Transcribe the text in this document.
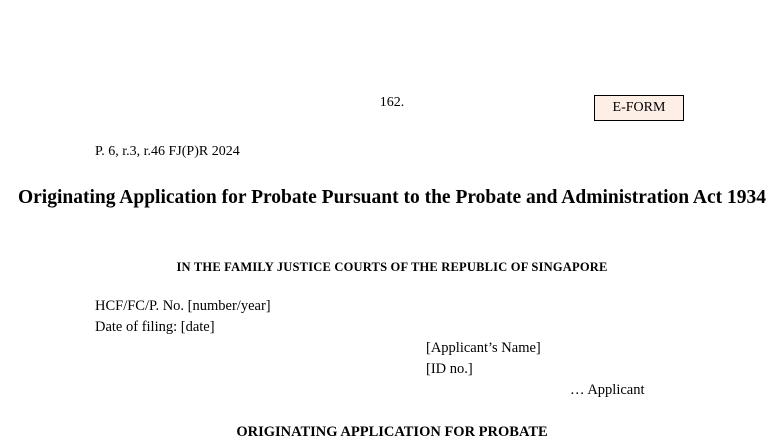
162.	E-FORM
P. 6, r.3, r.46 FJ(P)R 2024
Originating Application for Probate Pursuant to the Probate and Administration Act 1934
IN THE FAMILY JUSTICE COURTS OF THE REPUBLIC OF SINGAPORE
HCF/FC/P. No. [number/year]
Date of filing: [date]
[Applicant’s Name]
[ID no.]
… Applicant
ORIGINATING APPLICATION FOR PROBATE
